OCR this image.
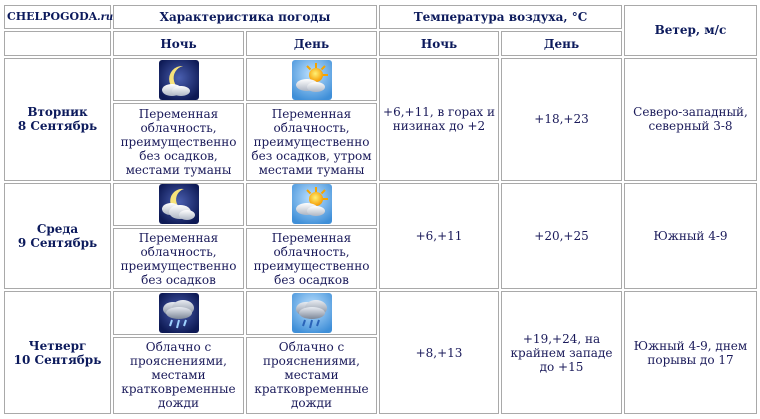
CHELPOGODA.ru	Характеристика погоды		Температура воздуха, °C		Ветер, м/с
	Ночь	День	Ночь	День	
Вторник
8 Сентябрь			+6,+11, в горах и низинах до +2	+18,+23	Северо-западный, северный 3-8
	Переменная облачность, преимущественно без осадков, местами туманы	Переменная облачность, преимущественно без осадков, утром местами туманы			
Среда
9 Сентябрь			+6,+11	+20,+25	Южный 4-9
	Переменная облачность, преимущественно без осадков	Переменная облачность, преимущественно без осадков			
Четверг
10 Сентябрь			+8,+13	+19,+24, на крайнем западе до +15	Южный 4-9, днем порывы до 17
	Облачно с прояснениями, местами кратковременные дожди	Облачно с прояснениями, местами кратковременные дожди			
